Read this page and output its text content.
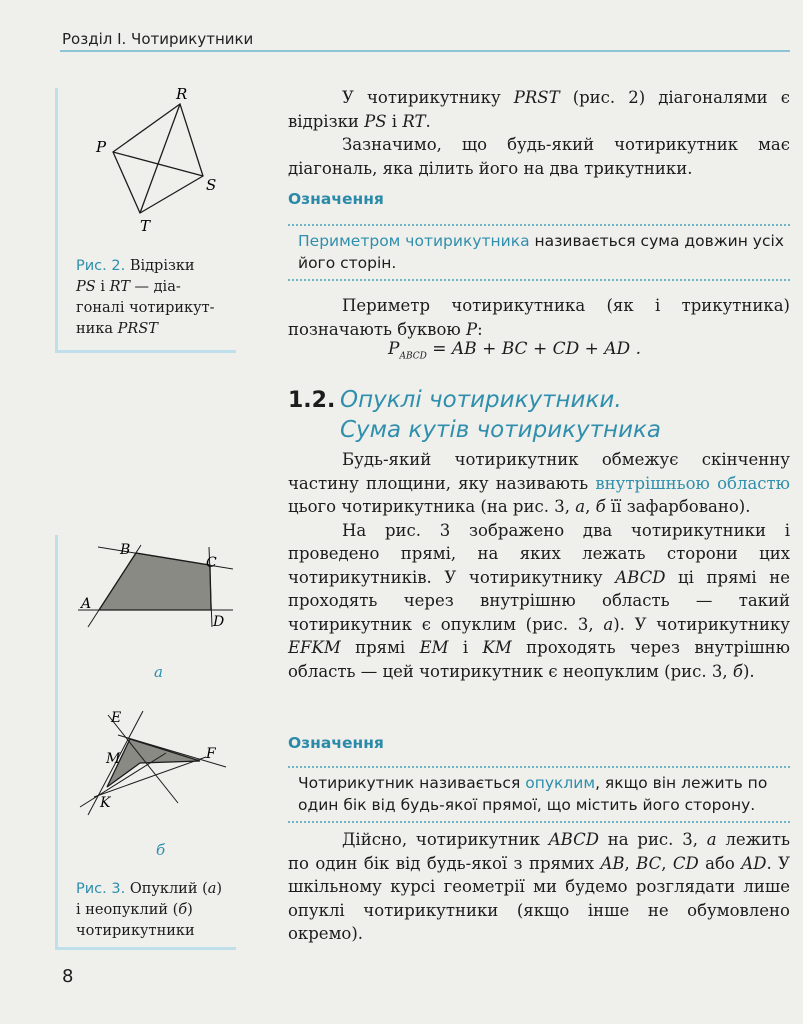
Розділ I. Чотирикутники
R
P
S
T
Рис. 2. Відрізки
PS і RT — діа-
гоналі чотирикут-
ника PRST
A
B
C
D
а
E
M	F
K
б
Рис. 3. Опуклий (а)
і неопуклий (б)
чотирикутники

У чотирикутнику PRST (рис. 2) діагоналями є відрізки PS і RT.

Зазначимо, що будь-який чотирикутник має діагональ, яка ділить його на два трикутники.

Означення
Периметром чотирикутника називається сума довжин усіх його сторін.

Периметр чотирикутника (як і трикутника) позначають буквою P:

$P_{ABCD}$ = AB + BC + CD + AD .
1.2. Опуклі чотирикутники.
Сума кутів чотирикутника

Будь-який чотирикутник обмежує скінченну частину площини, яку називають внутрішньою областю цього чотирикутника (на рис. 3, а, б її зафарбовано).

На рис. 3 зображено два чотирикутники і проведено прямі, на яких лежать сторони цих чотирикутників. У чотирикутнику ABCD ці прямі не проходять через внутрішню область — такий чотирикутник є опуклим (рис. 3, а). У чотирикутнику EFKM прямі EM і KM проходять через внутрішню область — цей чотирикутник є неопуклим (рис. 3, б).

Означення
Чотирикутник називається опуклим, якщо він лежить по один бік від будь-якої прямої, що містить його сторону.

Дійсно, чотирикутник ABCD на рис. 3, а лежить по один бік від будь-якої з прямих AB, BC, CD або AD. У шкільному курсі геометрії ми будемо розглядати лише опуклі чотирикутники (якщо інше не обумовлено окремо).

8
